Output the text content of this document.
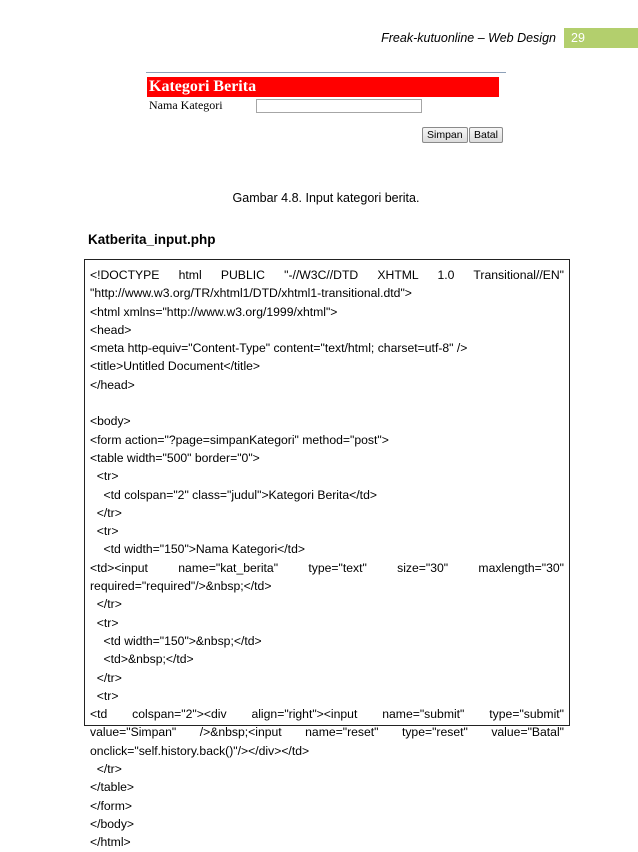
Freak-kutuonline – Web Design	29
Kategori Berita
Nama Kategori
Simpan	Batal
Gambar 4.8. Input kategori berita.
Katberita_input.php
<!DOCTYPE html PUBLIC "-//W3C//DTD XHTML 1.0 Transitional//EN"
"http://www.w3.org/TR/xhtml1/DTD/xhtml1-transitional.dtd">
<html xmlns="http://www.w3.org/1999/xhtml">
<head>
<meta http-equiv="Content-Type" content="text/html; charset=utf-8" />
<title>Untitled Document</title>
</head>
<body>
<form action="?page=simpanKategori" method="post">
<table width="500" border="0">
<tr>
<td colspan="2" class="judul">Kategori Berita</td>
</tr>
<tr>
<td width="150">Nama Kategori</td>
<td><input name="kat_berita" type="text" size="30" maxlength="30"
required="required"/>&nbsp;</td>
</tr>
<tr>
<td width="150">&nbsp;</td>
<td>&nbsp;</td>
</tr>
<tr>
<td colspan="2"><div align="right"><input name="submit" type="submit"
value="Simpan" />&nbsp;<input name="reset" type="reset" value="Batal"
onclick="self.history.back()"/></div></td>
</tr>
</table>
</form>
</body>
</html>
